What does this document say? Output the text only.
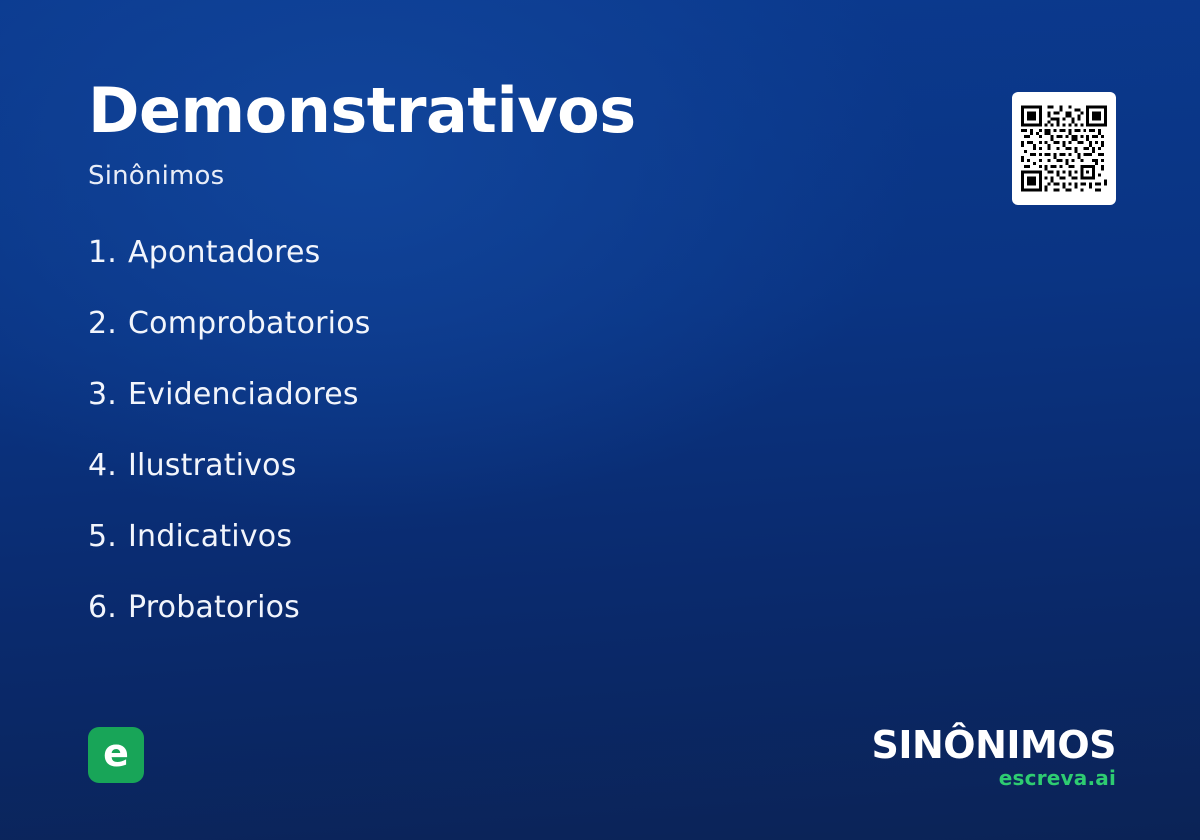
Demonstrativos

Sinônimos

1. Apontadores
2. Comprobatorios
3. Evidenciadores
4. Ilustrativos
5. Indicativos
6. Probatorios
e	SINÔNIMOS
escreva.ai
